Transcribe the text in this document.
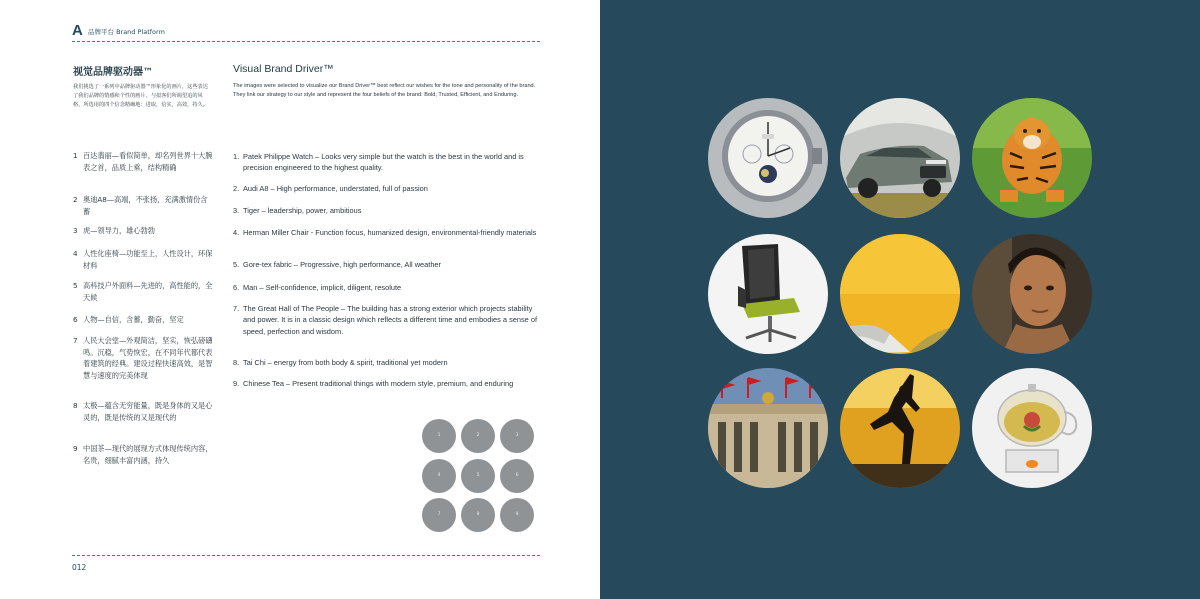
A 品牌平台 Brand Platform
视觉品牌驱动器™	Visual Brand Driver™
我们挑选了一系列中品牌驱动器™形象化的画片，这些表达了我们品牌的情感和个性的画片。与拟客们所渴望追的风格，所选用的四个信念精确地：进取，信实，高效，持久。
The images were selected to visualize our Brand Driver™ best reflect our wishes for the tone and personality of the brand. They link our strategy to our style and represent the four beliefs of the brand: Bold, Trusted, Efficient, and Enduring.
1 百达翡丽—看似简单，却名列世界十大腕表之首，品质上乘，结构精确
2 奥迪A8—高端，不张扬，充满激情份含蓄
3 虎—领导力，雄心勃勃
4 人性化座椅—功能至上，人性设计，环保材料
5 高科技户外面料—先进的，高性能的，全天候
6 人物—自信，含蓄，勤奋，坚定
7 人民大会堂—外观简洁，坚实，恢弘磅礴鸣。沉稳，气势恢宏，在不同年代都代表着建筑的经典。建设过程快速高效，是智慧与速度的完美体现
8 太极—蕴含无穷能量，既是身体的又是心灵的，既是传统的又是现代的
9 中国茶—现代的展现方式体现传统内容，名贵，细腻丰富内涵，持久
1. Patek Philippe Watch – Looks very simple but the watch is the best in the world and is precision engineered to the highest quality.
2. Audi A8 – High performance, understated, full of passion
3. Tiger – leadership, power, ambitious
4. Herman Miller Chair - Function focus, humanized design, environmental-friendly materials
5. Gore-tex fabric – Progressive, high performance, All weather
6. Man – Self-confidence, implicit, diligent, resolute
7. The Great Hall of The People – The building has a strong exterior which projects stability and power. It is in a classic design which reflects a different time and embodies a sense of speed, perfection and wisdom.
8. Tai Chi – energy from both body & spirit, traditional yet modern
9. Chinese Tea – Present traditional things with modern style, premium, and enduring
1	2	3
4	5	6
7	8	9
012
